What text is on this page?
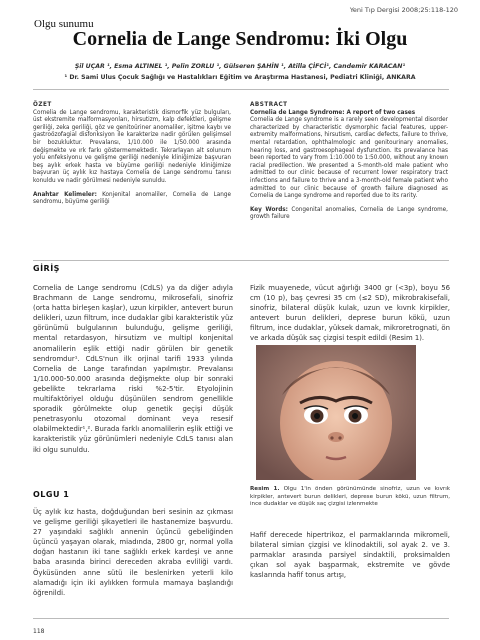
Yeni Tıp Dergisi 2008;25:118-120
Olgu sunumu
Cornelia de Lange Sendromu: İki Olgu
Şil UÇAR ¹, Esma ALTINEL ¹, Pelin ZORLU ¹, Gülseren ŞAHİN ¹, Atilla ÇİFCİ¹, Candemir KARACAN¹
¹ Dr. Sami Ulus Çocuk Sağlığı ve Hastalıkları Eğitim ve Araştırma Hastanesi, Pediatri Kliniği, ANKARA

ÖZET

Cornelia de Lange sendromu, karakteristik dismorfik yüz bulguları, üst ekstremite malformasyonları, hirsutizm, kalp defektleri, gelişme geriliği, zeka geriliği, göz ve genitoüriner anomaliler, işitme kaybı ve gastroözofagial disfonksiyon ile karakterize nadir görülen gelişimsel bir bozukluktur. Prevalansı, 1/10.000 ile 1/50.000 arasında değişmekte ve ırk farkı göstermemektedir. Tekrarlayan alt solunum yolu enfeksiyonu ve gelişme geriliği nedeniyle kliniğimize başvuran beş aylık erkek hasta ve büyüme geriliği nedeniyle kliniğimize başvuran üç aylık kız hastaya Cornelia de Lange sendromu tanısı konuldu ve nadir görülmesi nedeniyle sunuldu.

Anahtar Kelimeler: Konjenital anomaliler, Cornelia de Lange sendromu, büyüme geriliği

ABSTRACT

Cornelia de Lange Syndrome: A report of two cases

Cornelia de Lange syndrome is a rarely seen developmental disorder characterized by characteristic dysmorphic facial features, upper-extremity malformations, hirsutism, cardiac defects, failure to thrive, mental retardation, ophthalmologic and genitourinary anomalies, hearing loss, and gastroesophageal dysfunction. Its prevalance has been reported to vary from 1:10.000 to 1:50.000, without any known racial predilection. We presented a 5-month-old male patient who admitted to our clinic because of recurrent lower respiratory tract infections and failure to thrive and a 3-month-old female patient who admitted to our clinic because of growth failure diagnosed as Cornelia de Lange syndrome and reported due to its rarity.

Key Words: Congenital anomalies, Cornelia de Lange syndrome, growth failure

GİRİŞ

Cornelia de Lange sendromu (CdLS) ya da diğer adıyla Brachmann de Lange sendromu, mikrosefali, sinofriz (orta hatta birleşen kaşlar), uzun kirpikler, antevert burun delikleri, uzun filtrum, ince dudaklar gibi karakteristik yüz görünümü bulgularının bulunduğu, gelişme geriliği, mental retardasyon, hirsutizm ve multipl konjenital anomalilerin eşlik ettiği nadir görülen bir genetik sendromdur¹. CdLS'nun ilk orjinal tarifi 1933 yılında Cornelia de Lange tarafından yapılmıştır. Prevalansı 1/10.000-50.000 arasında değişmekte olup bir sonraki gebelikte tekrarlama riski %2-5'tir. Etyolojinin multifaktöriyel olduğu düşünülen sendrom genellikle sporadik görülmekte olup genetik geçişi düşük penetrasyonlu otozomal dominant veya resesif olabilmektedir¹,². Burada farklı anomalilerin eşlik ettiği ve karakteristik yüz görünümleri nedeniyle CdLS tanısı alan iki olgu sunuldu.

OLGU 1

Üç aylık kız hasta, doğduğundan beri sesinin az çıkması ve gelişme geriliği şikayetleri ile hastanemize başvurdu. 27 yaşındaki sağlıklı annenin üçüncü gebeliğinden üçüncü yaşayan olarak, miadında, 2800 gr, normal yolla doğan hastanın iki tane sağlıklı erkek kardeşi ve anne baba arasında birinci dereceden akraba evliliği vardı. Öyküsünden anne sütü ile beslenirken yeterli kilo alamadığı için iki aylıkken formula mamaya başlandığı öğrenildi.

Fizik muayenede, vücut ağırlığı 3400 gr (<3p), boyu 56 cm (10 p), baş çevresi 35 cm (≤2 SD), mikrobrakisefali, sinofriz, bilateral düşük kulak, uzun ve kıvrık kirpikler, antevert burun delikleri, deprese burun kökü, uzun filtrum, ince dudaklar, yüksek damak, mikroretrognati, ön ve arkada düşük saç çizgisi tespit edildi (Resim 1).

Resim 1. Olgu 1'in önden görünümünde sinofriz, uzun ve kıvrık kirpikler, antevert burun delikleri, deprese burun kökü, uzun filtrum, ince dudaklar ve düşük saç çizgisi izlenmekte

Hafif derecede hipertrikoz, el parmaklarında mikromeli, bilateral simian çizgisi ve klinodaktili, sol ayak 2. ve 3. parmaklar arasında parsiyel sindaktili, proksimalden çıkan sol ayak başparmak, ekstremite ve gövde kaslarında hafif tonus artışı,

118
